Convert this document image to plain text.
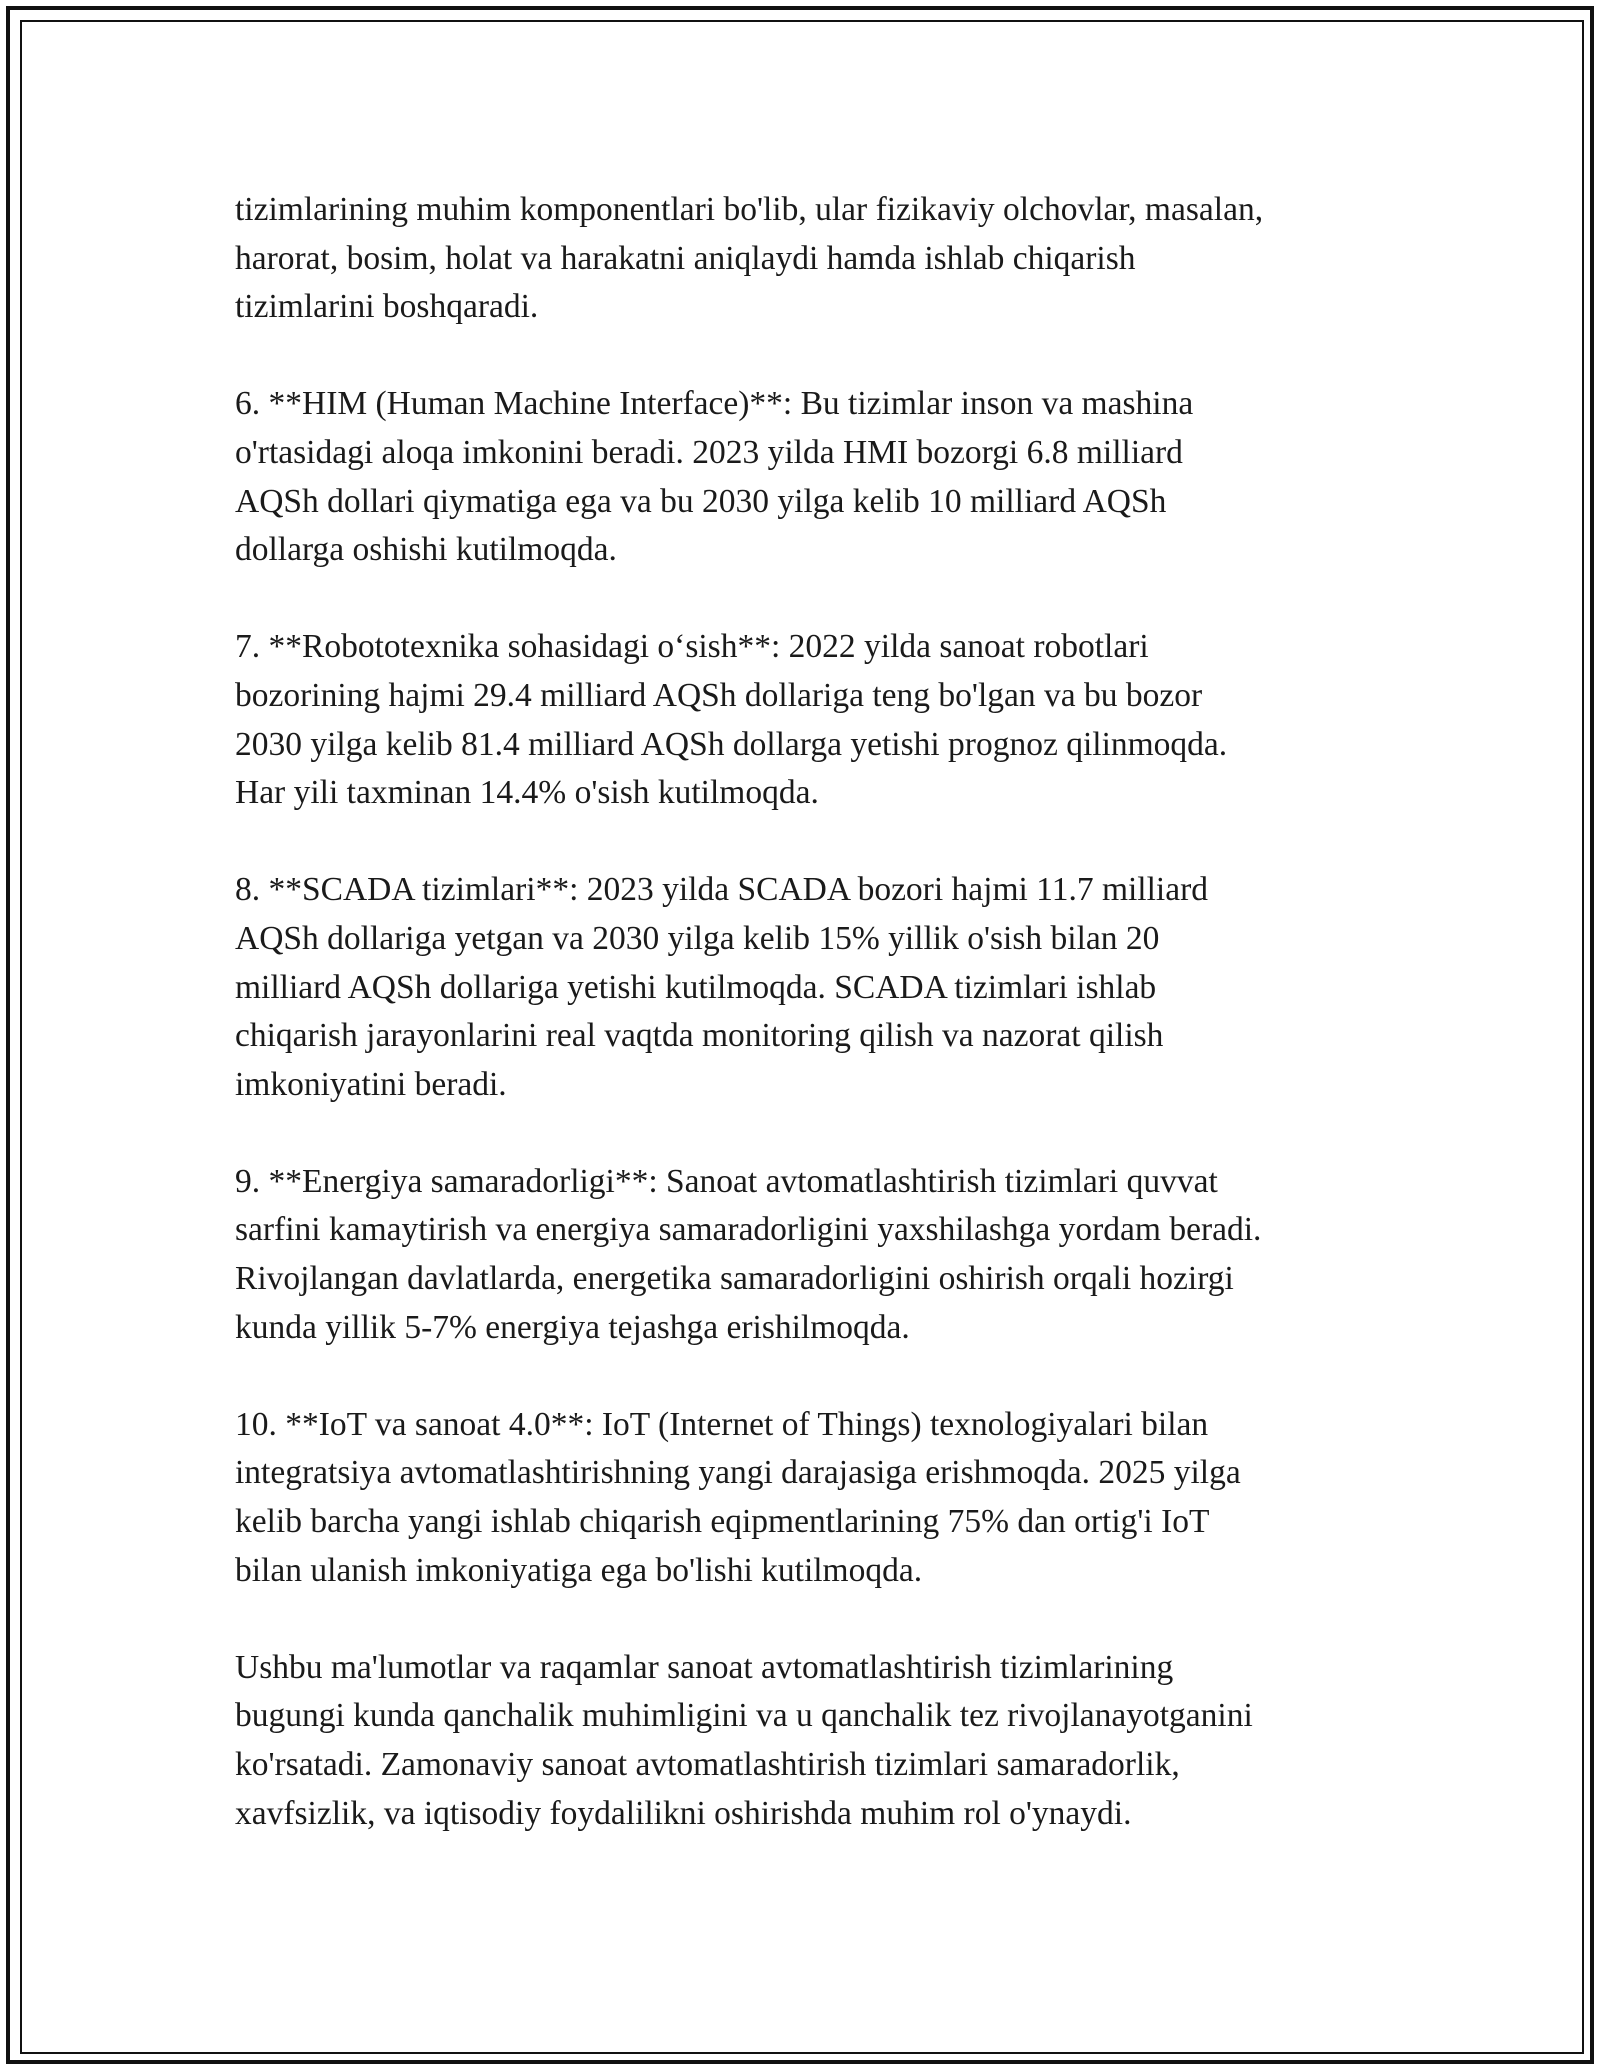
tizimlarining muhim komponentlari bo'lib, ular fizikaviy olchovlar, masalan,
harorat, bosim, holat va harakatni aniqlaydi hamda ishlab chiqarish
tizimlarini boshqaradi.

6. **HIM (Human Machine Interface)**: Bu tizimlar inson va mashina
o'rtasidagi aloqa imkonini beradi. 2023 yilda HMI bozorgi 6.8 milliard
AQSh dollari qiymatiga ega va bu 2030 yilga kelib 10 milliard AQSh
dollarga oshishi kutilmoqda.

7. **Robototexnika sohasidagi o‘sish**: 2022 yilda sanoat robotlari
bozorining hajmi 29.4 milliard AQSh dollariga teng bo'lgan va bu bozor
2030 yilga kelib 81.4 milliard AQSh dollarga yetishi prognoz qilinmoqda.
Har yili taxminan 14.4% o'sish kutilmoqda.

8. **SCADA tizimlari**: 2023 yilda SCADA bozori hajmi 11.7 milliard
AQSh dollariga yetgan va 2030 yilga kelib 15% yillik o'sish bilan 20
milliard AQSh dollariga yetishi kutilmoqda. SCADA tizimlari ishlab
chiqarish jarayonlarini real vaqtda monitoring qilish va nazorat qilish
imkoniyatini beradi.

9. **Energiya samaradorligi**: Sanoat avtomatlashtirish tizimlari quvvat
sarfini kamaytirish va energiya samaradorligini yaxshilashga yordam beradi.
Rivojlangan davlatlarda, energetika samaradorligini oshirish orqali hozirgi
kunda yillik 5-7% energiya tejashga erishilmoqda.

10. **IoT va sanoat 4.0**: IoT (Internet of Things) texnologiyalari bilan
integratsiya avtomatlashtirishning yangi darajasiga erishmoqda. 2025 yilga
kelib barcha yangi ishlab chiqarish eqipmentlarining 75% dan ortig'i IoT
bilan ulanish imkoniyatiga ega bo'lishi kutilmoqda.

Ushbu ma'lumotlar va raqamlar sanoat avtomatlashtirish tizimlarining
bugungi kunda qanchalik muhimligini va u qanchalik tez rivojlanayotganini
ko'rsatadi. Zamonaviy sanoat avtomatlashtirish tizimlari samaradorlik,
xavfsizlik, va iqtisodiy foydalilikni oshirishda muhim rol o'ynaydi.
